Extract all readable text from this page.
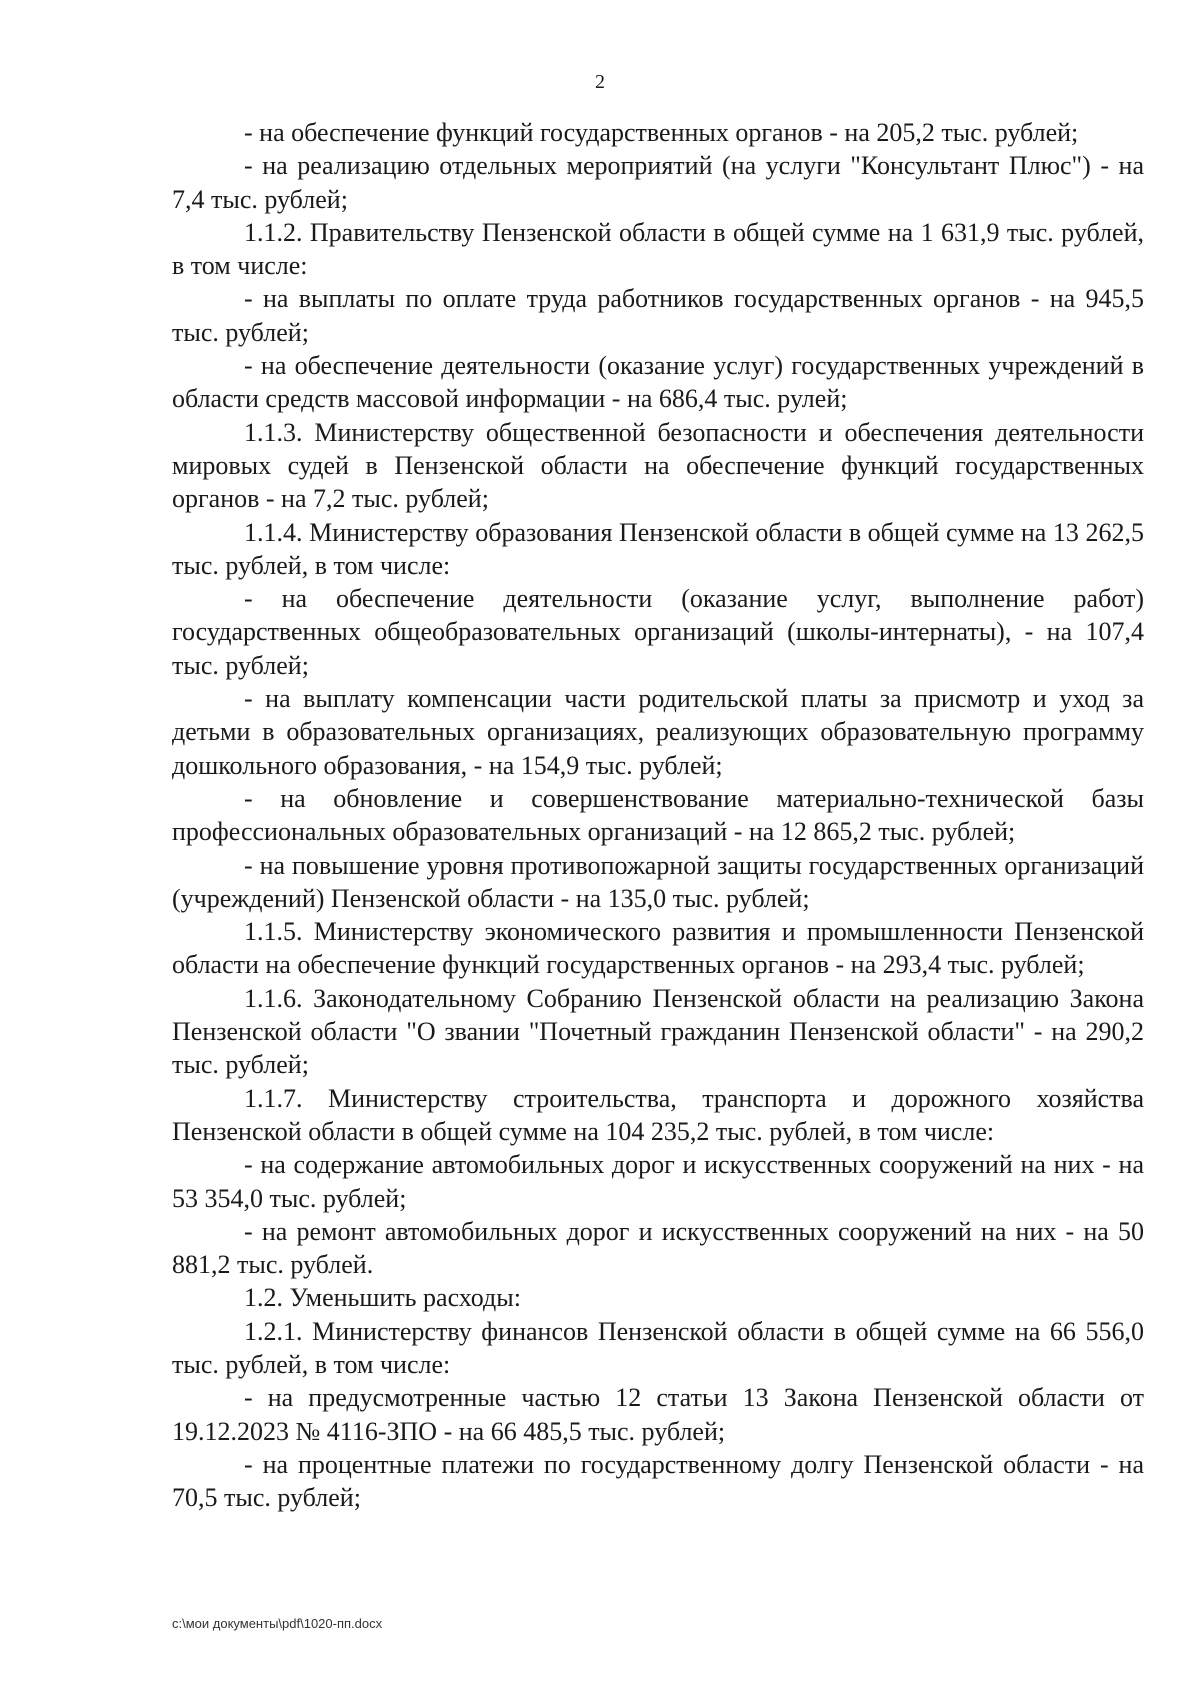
2

- на обеспечение функций государственных органов - на 205,2 тыс. рублей;

- на реализацию отдельных мероприятий (на услуги "Консультант Плюс") - на 7,4 тыс. рублей;

1.1.2. Правительству Пензенской области в общей сумме на 1 631,9 тыс. рублей, в том числе:

- на выплаты по оплате труда работников государственных органов - на 945,5 тыс. рублей;

- на обеспечение деятельности (оказание услуг) государственных учреждений в области средств массовой информации - на 686,4 тыс. рулей;

1.1.3. Министерству общественной безопасности и обеспечения деятельности мировых судей в Пензенской области на обеспечение функций государственных органов - на 7,2 тыс. рублей;

1.1.4. Министерству образования Пензенской области в общей сумме на 13 262,5 тыс. рублей, в том числе:

- на обеспечение деятельности (оказание услуг, выполнение работ) государственных общеобразовательных организаций (школы-интернаты), - на 107,4 тыс. рублей;

- на выплату компенсации части родительской платы за присмотр и уход за детьми в образовательных организациях, реализующих образовательную программу дошкольного образования, - на 154,9 тыс. рублей;

- на обновление и совершенствование материально-технической базы профессиональных образовательных организаций - на 12 865,2 тыс. рублей;

- на повышение уровня противопожарной защиты государственных организаций (учреждений) Пензенской области - на 135,0 тыс. рублей;

1.1.5. Министерству экономического развития и промышленности Пензенской области на обеспечение функций государственных органов - на 293,4 тыс. рублей;

1.1.6. Законодательному Собранию Пензенской области на реализацию Закона Пензенской области "О звании "Почетный гражданин Пензенской области" - на 290,2 тыс. рублей;

1.1.7. Министерству строительства, транспорта и дорожного хозяйства Пензенской области в общей сумме на 104 235,2 тыс. рублей, в том числе:

- на содержание автомобильных дорог и искусственных сооружений на них - на 53 354,0 тыс. рублей;

- на ремонт автомобильных дорог и искусственных сооружений на них - на 50 881,2 тыс. рублей.

1.2. Уменьшить расходы:

1.2.1. Министерству финансов Пензенской области в общей сумме на 66 556,0 тыс. рублей, в том числе:

- на предусмотренные частью 12 статьи 13 Закона Пензенской области от 19.12.2023 № 4116-ЗПО - на 66 485,5 тыс. рублей;

- на процентные платежи по государственному долгу Пензенской области - на 70,5 тыс. рублей;

c:\мои документы\pdf\1020-пп.docx
